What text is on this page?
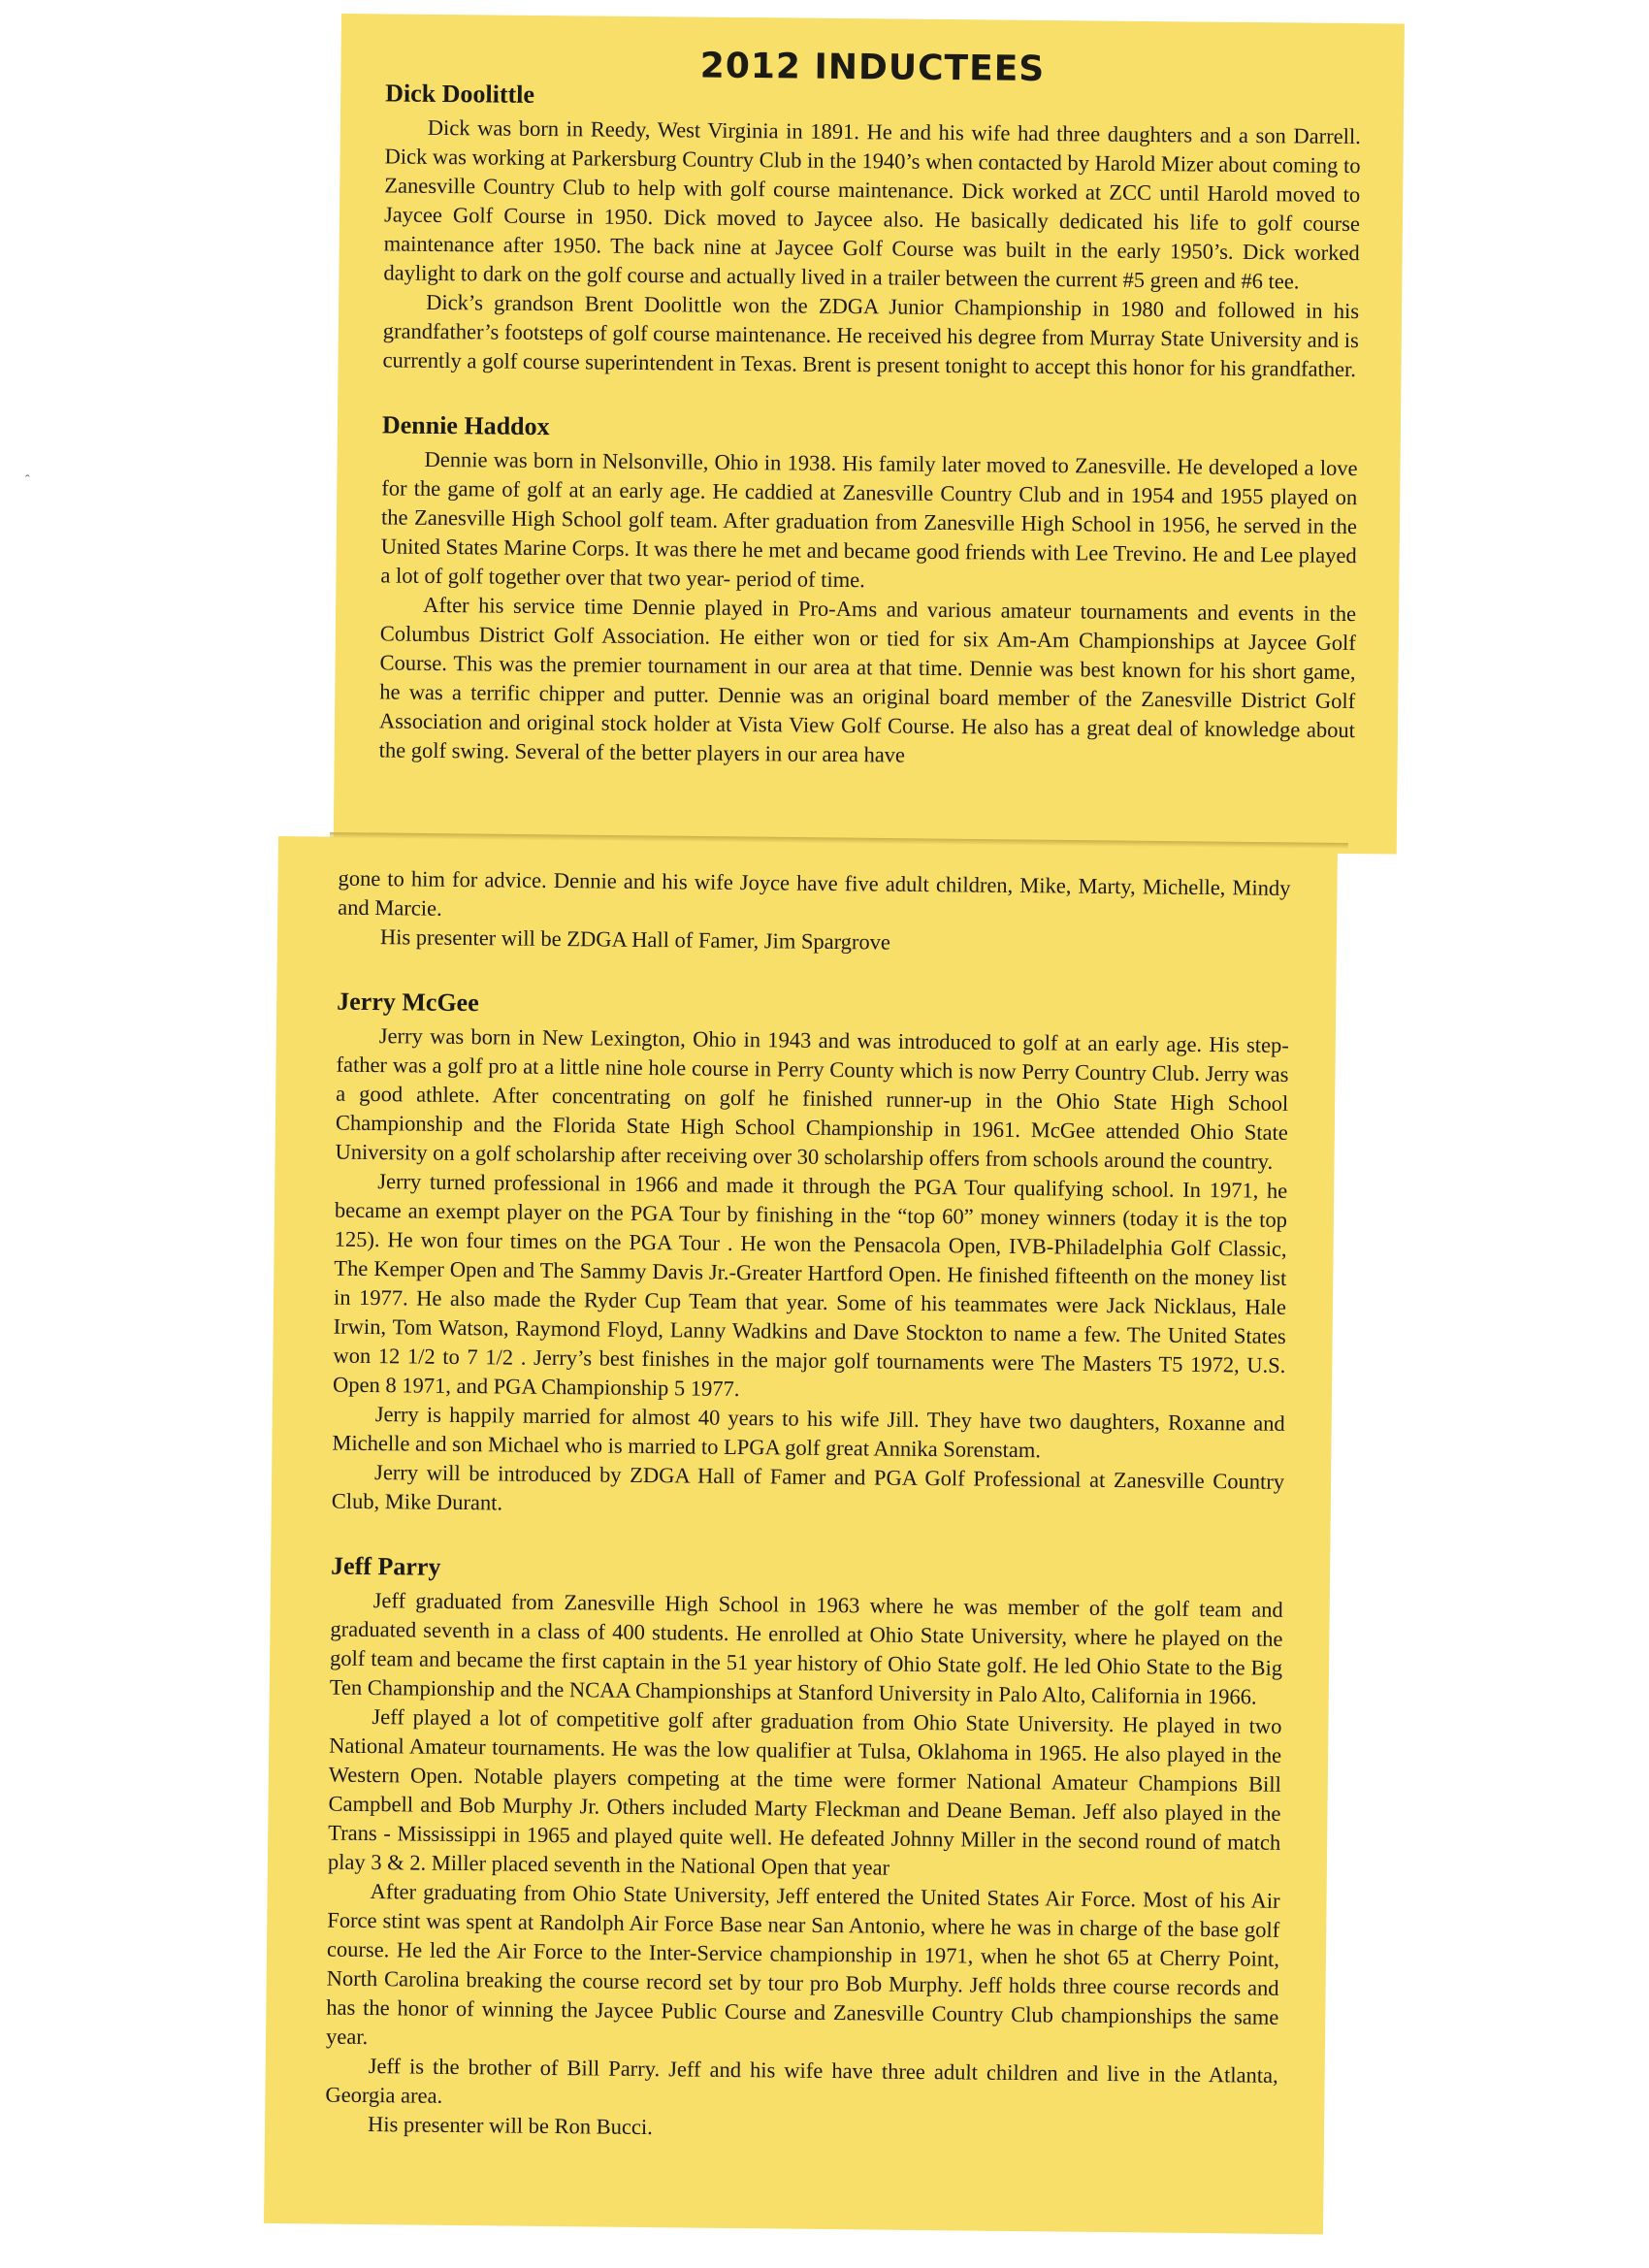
ˆ
2012 INDUCTEES
Dick Doolittle

Dick was born in Reedy, West Virginia in 1891. He and his wife had three daughters and a son Darrell. Dick was working at Parkersburg Country Club in the 1940’s when contacted by Harold Mizer about coming to Zanesville Country Club to help with golf course maintenance. Dick worked at ZCC until Harold moved to Jaycee Golf Course in 1950. Dick moved to Jaycee also. He basically dedicated his life to golf course maintenance after 1950. The back nine at Jaycee Golf Course was built in the early 1950’s. Dick worked daylight to dark on the golf course and actually lived in a trailer between the current #5 green and #6 tee.

Dick’s grandson Brent Doolittle won the ZDGA Junior Championship in 1980 and followed in his grandfather’s footsteps of golf course maintenance. He received his degree from Murray State University and is currently a golf course superintendent in Texas. Brent is present tonight to accept this honor for his grandfather.

Dennie Haddox

Dennie was born in Nelsonville, Ohio in 1938. His family later moved to Zanesville. He developed a love for the game of golf at an early age. He caddied at Zanesville Country Club and in 1954 and 1955 played on the Zanesville High School golf team. After graduation from Zanesville High School in 1956, he served in the United States Marine Corps. It was there he met and became good friends with Lee Trevino. He and Lee played a lot of golf together over that two year- period of time.

After his service time Dennie played in Pro-Ams and various amateur tournaments and events in the Columbus District Golf Association. He either won or tied for six Am-Am Championships at Jaycee Golf Course. This was the premier tournament in our area at that time. Dennie was best known for his short game, he was a terrific chipper and putter. Dennie was an original board member of the Zanesville District Golf Association and original stock holder at Vista View Golf Course. He also has a great deal of knowledge about the golf swing. Several of the better players in our area have

gone to him for advice. Dennie and his wife Joyce have five adult children, Mike, Marty, Michelle, Mindy and Marcie.

His presenter will be ZDGA Hall of Famer, Jim Spargrove

Jerry McGee

Jerry was born in New Lexington, Ohio in 1943 and was introduced to golf at an early age. His step-father was a golf pro at a little nine hole course in Perry County which is now Perry Country Club. Jerry was a good athlete. After concentrating on golf he finished runner-up in the Ohio State High School Championship and the Florida State High School Championship in 1961. McGee attended Ohio State University on a golf scholarship after receiving over 30 scholarship offers from schools around the country.

Jerry turned professional in 1966 and made it through the PGA Tour qualifying school. In 1971, he became an exempt player on the PGA Tour by finishing in the “top 60” money winners (today it is the top 125). He won four times on the PGA Tour . He won the Pensacola Open, IVB-Philadelphia Golf Classic, The Kemper Open and The Sammy Davis Jr.-Greater Hartford Open. He finished fifteenth on the money list in 1977. He also made the Ryder Cup Team that year. Some of his teammates were Jack Nicklaus, Hale Irwin, Tom Watson, Raymond Floyd, Lanny Wadkins and Dave Stockton to name a few. The United States won 12 1/2 to 7 1/2 . Jerry’s best finishes in the major golf tournaments were The Masters T5 1972, U.S. Open 8 1971, and PGA Championship 5 1977.

Jerry is happily married for almost 40 years to his wife Jill. They have two daughters, Roxanne and Michelle and son Michael who is married to LPGA golf great Annika Sorenstam.

Jerry will be introduced by ZDGA Hall of Famer and PGA Golf Professional at Zanesville Country Club, Mike Durant.

Jeff Parry

Jeff graduated from Zanesville High School in 1963 where he was member of the golf team and graduated seventh in a class of 400 students. He enrolled at Ohio State University, where he played on the golf team and became the first captain in the 51 year history of Ohio State golf. He led Ohio State to the Big Ten Championship and the NCAA Championships at Stanford University in Palo Alto, California in 1966.

Jeff played a lot of competitive golf after graduation from Ohio State University. He played in two National Amateur tournaments. He was the low qualifier at Tulsa, Oklahoma in 1965. He also played in the Western Open. Notable players competing at the time were former National Amateur Champions Bill Campbell and Bob Murphy Jr. Others included Marty Fleckman and Deane Beman. Jeff also played in the Trans - Mississippi in 1965 and played quite well. He defeated Johnny Miller in the second round of match play 3 & 2. Miller placed seventh in the National Open that year

After graduating from Ohio State University, Jeff entered the United States Air Force. Most of his Air Force stint was spent at Randolph Air Force Base near San Antonio, where he was in charge of the base golf course. He led the Air Force to the Inter-Service championship in 1971, when he shot 65 at Cherry Point, North Carolina breaking the course record set by tour pro Bob Murphy. Jeff holds three course records and has the honor of winning the Jaycee Public Course and Zanesville Country Club championships the same year.

Jeff is the brother of Bill Parry. Jeff and his wife have three adult children and live in the Atlanta, Georgia area.

His presenter will be Ron Bucci.
